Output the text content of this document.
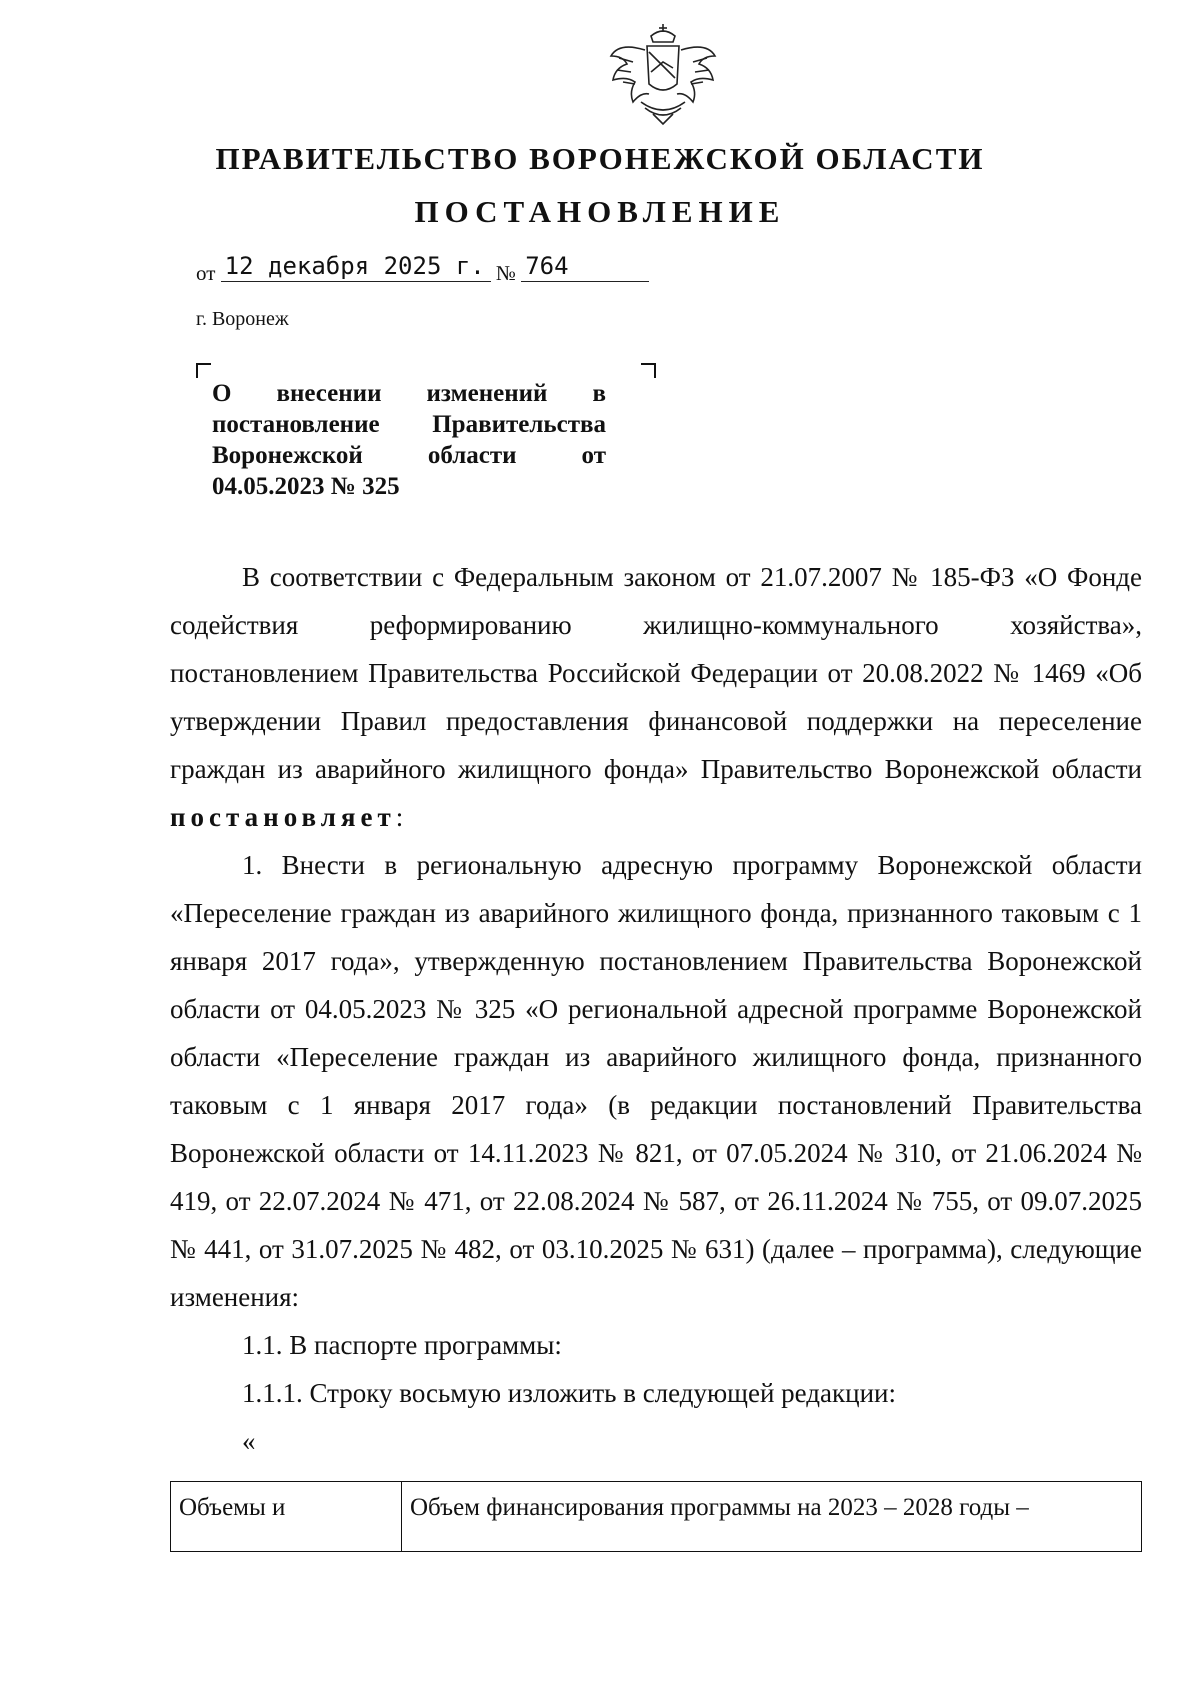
ПРАВИТЕЛЬСТВО ВОРОНЕЖСКОЙ ОБЛАСТИ
ПОСТАНОВЛЕНИЕ
от 12 декабря 2025 г. № 764
г. Воронеж
О внесении изменений в
постановление Правительства
Воронежской области от
04.05.2023 № 325

В соответствии с Федеральным законом от 21.07.2007 № 185-ФЗ «О Фонде содействия реформированию жилищно-коммунального хозяйства», постановлением Правительства Российской Федерации от 20.08.2022 № 1469 «Об утверждении Правил предоставления финансовой поддержки на переселение граждан из аварийного жилищного фонда» Правительство Воронежской области постановляет:

1. Внести в региональную адресную программу Воронежской области «Переселение граждан из аварийного жилищного фонда, признанного таковым с 1 января 2017 года», утвержденную постановлением Правительства Воронежской области от 04.05.2023 № 325 «О региональной адресной программе Воронежской области «Переселение граждан из аварийного жилищного фонда, признанного таковым с 1 января 2017 года» (в редакции постановлений Правительства Воронежской области от 14.11.2023 № 821, от 07.05.2024 № 310, от 21.06.2024 № 419, от 22.07.2024 № 471, от 22.08.2024 № 587, от 26.11.2024 № 755, от 09.07.2025 № 441, от 31.07.2025 № 482, от 03.10.2025 № 631) (далее – программа), следующие изменения:

1.1. В паспорте программы:

1.1.1. Строку восьмую изложить в следующей редакции:

«

Объемы и	Объем финансирования программы на 2023 – 2028 годы –
